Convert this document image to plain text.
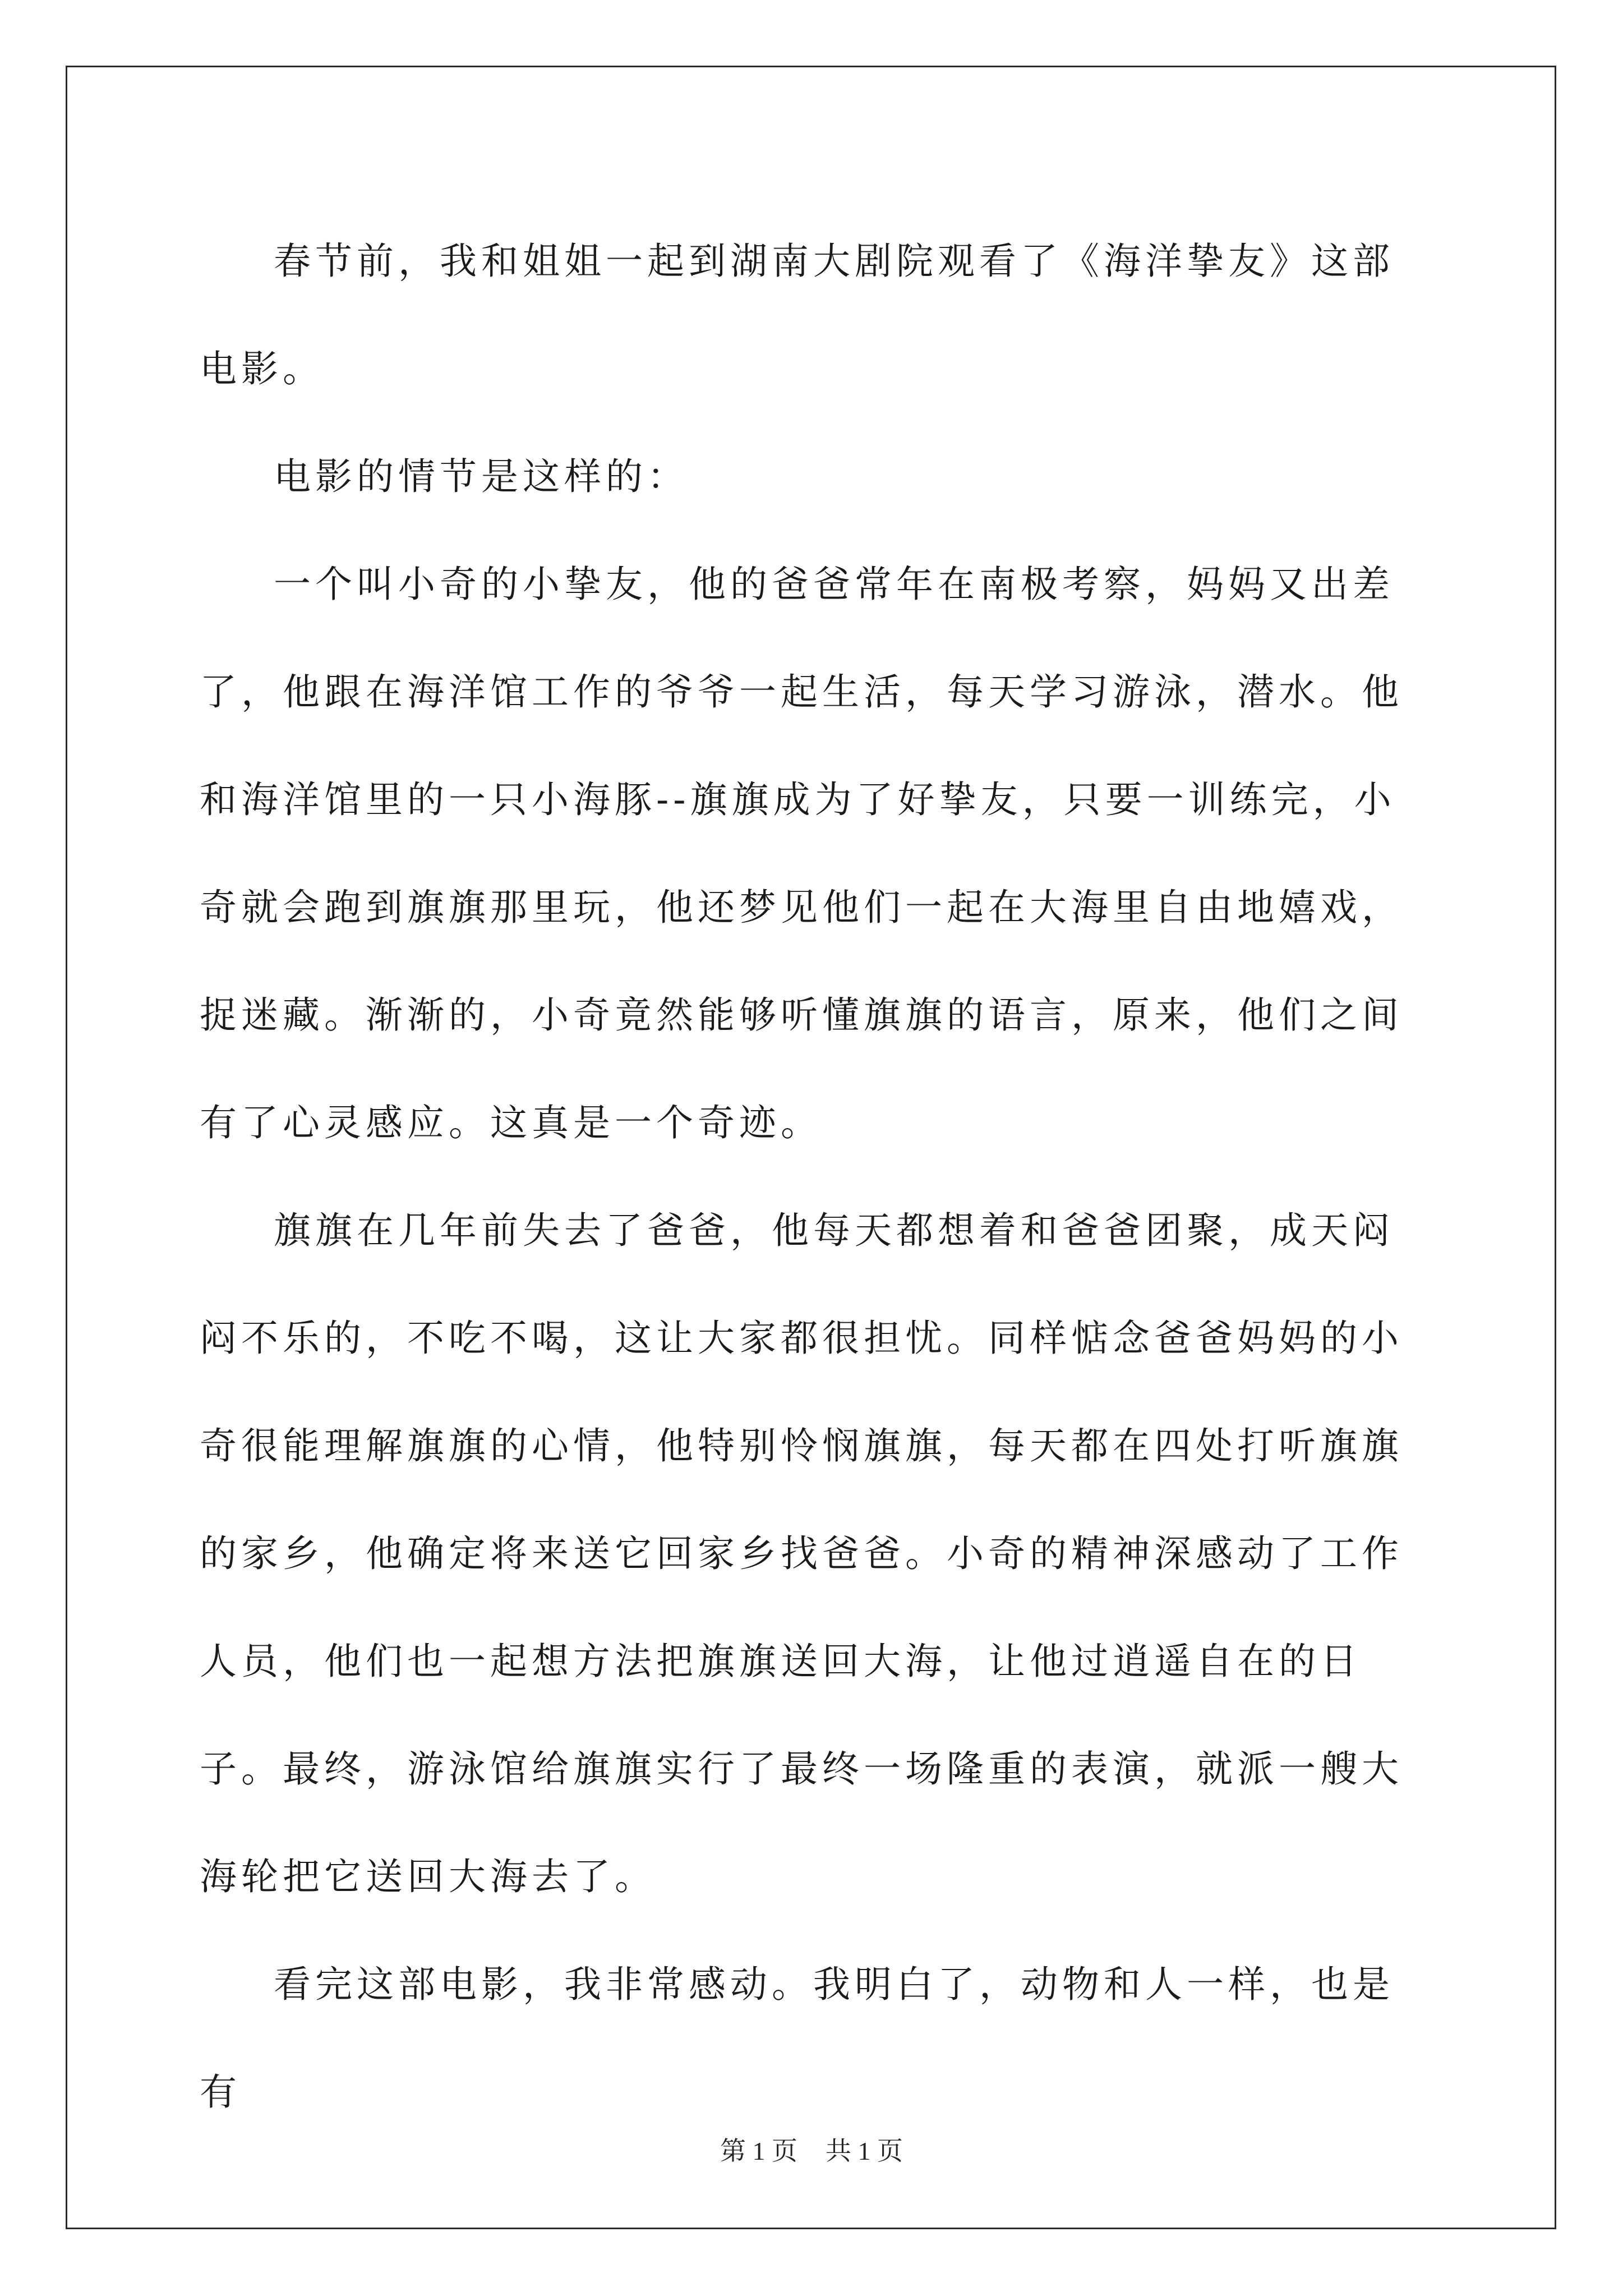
春节前，我和姐姐一起到湖南大剧院观看了《海洋挚友》这部电影。

电影的情节是这样的：

一个叫小奇的小挚友，他的爸爸常年在南极考察，妈妈又出差了，他跟在海洋馆工作的爷爷一起生活，每天学习游泳，潜水。他和海洋馆里的一只小海豚--旗旗成为了好挚友，只要一训练完，小奇就会跑到旗旗那里玩，他还梦见他们一起在大海里自由地嬉戏，捉迷藏。渐渐的，小奇竟然能够听懂旗旗的语言，原来，他们之间有了心灵感应。这真是一个奇迹。

旗旗在几年前失去了爸爸，他每天都想着和爸爸团聚，成天闷闷不乐的，不吃不喝，这让大家都很担忧。同样惦念爸爸妈妈的小奇很能理解旗旗的心情，他特别怜悯旗旗，每天都在四处打听旗旗的家乡，他确定将来送它回家乡找爸爸。小奇的精神深感动了工作人员，他们也一起想方法把旗旗送回大海，让他过逍遥自在的日子。最终，游泳馆给旗旗实行了最终一场隆重的表演，就派一艘大海轮把它送回大海去了。

看完这部电影，我非常感动。我明白了，动物和人一样，也是有

第 1 页 共 1 页
